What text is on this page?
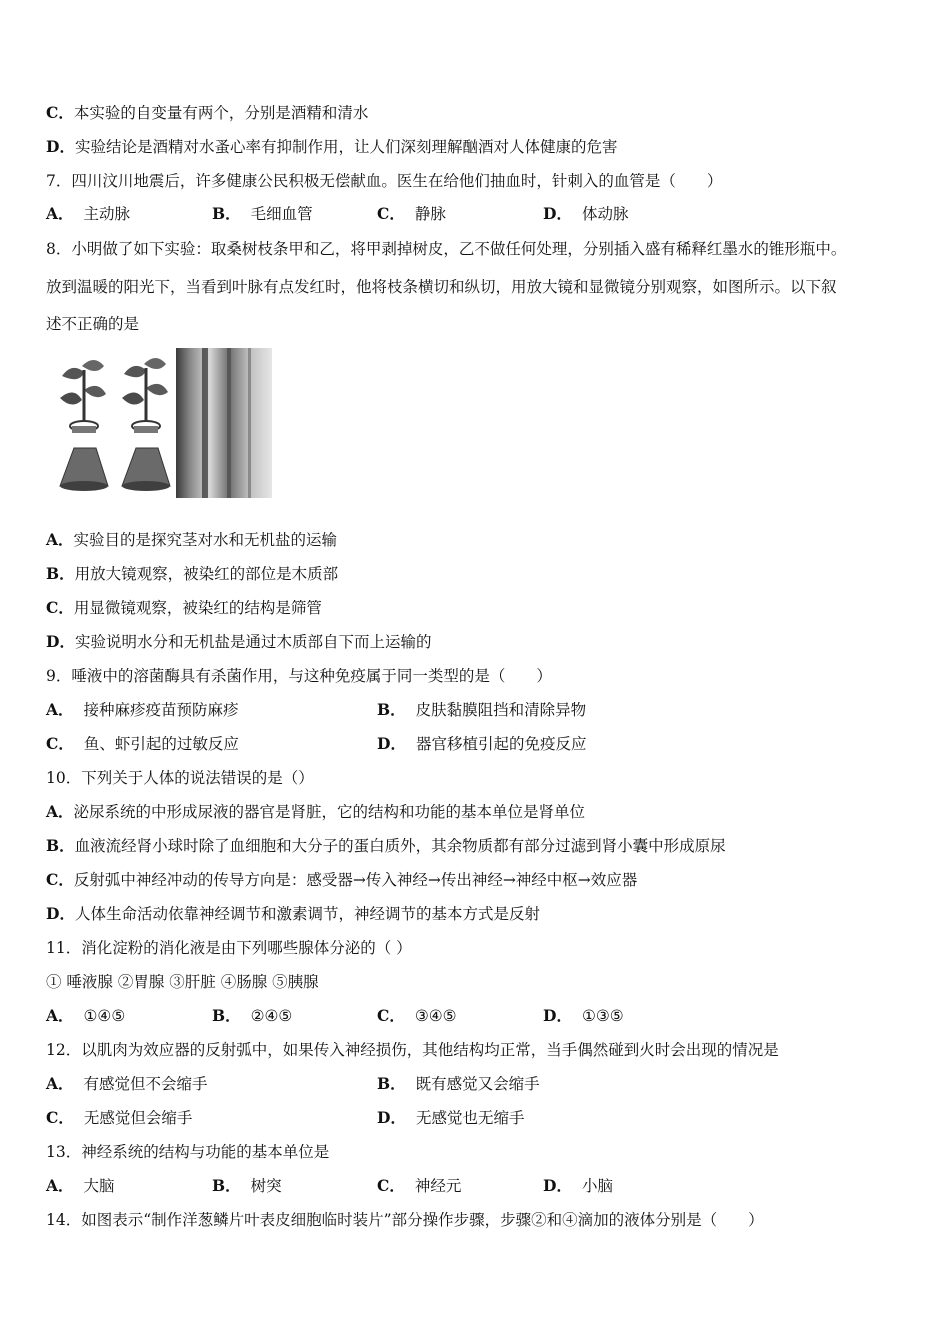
C．本实验的自变量有两个，分别是酒精和清水
D．实验结论是酒精对水蚤心率有抑制作用，让人们深刻理解酗酒对人体健康的危害
7．四川汶川地震后，许多健康公民积极无偿献血。医生在给他们抽血时，针刺入的血管是（　　）
A． 主动脉	B． 毛细血管	C． 静脉	D． 体动脉
8．小明做了如下实验：取桑树枝条甲和乙，将甲剥掉树皮，乙不做任何处理，分别插入盛有稀释红墨水的锥形瓶中。
放到温暖的阳光下，当看到叶脉有点发红时，他将枝条横切和纵切，用放大镜和显微镜分别观察，如图所示。以下叙
述不正确的是
A．实验目的是探究茎对水和无机盐的运输
B．用放大镜观察，被染红的部位是木质部
C．用显微镜观察，被染红的结构是筛管
D．实验说明水分和无机盐是通过木质部自下而上运输的
9．唾液中的溶菌酶具有杀菌作用，与这种免疫属于同一类型的是（　　）
A． 接种麻疹疫苗预防麻疹	B． 皮肤黏膜阻挡和清除异物
C． 鱼、虾引起的过敏反应	D． 器官移植引起的免疫反应
10．下列关于人体的说法错误的是（）
A．泌尿系统的中形成尿液的器官是肾脏，它的结构和功能的基本单位是肾单位
B．血液流经肾小球时除了血细胞和大分子的蛋白质外，其余物质都有部分过滤到肾小囊中形成原尿
C．反射弧中神经冲动的传导方向是：感受器→传入神经→传出神经→神经中枢→效应器
D．人体生命活动依靠神经调节和激素调节，神经调节的基本方式是反射
11．消化淀粉的消化液是由下列哪些腺体分泌的（ ）
① 唾液腺 ②胃腺 ③肝脏 ④肠腺 ⑤胰腺
A． ①④⑤	B． ②④⑤	C． ③④⑤	D． ①③⑤
12．以肌肉为效应器的反射弧中，如果传入神经损伤，其他结构均正常，当手偶然碰到火时会出现的情况是
A． 有感觉但不会缩手	B． 既有感觉又会缩手
C． 无感觉但会缩手	D． 无感觉也无缩手
13．神经系统的结构与功能的基本单位是
A． 大脑	B． 树突	C． 神经元	D． 小脑
14．如图表示“制作洋葱鳞片叶表皮细胞临时装片”部分操作步骤，步骤②和④滴加的液体分别是（　　）
